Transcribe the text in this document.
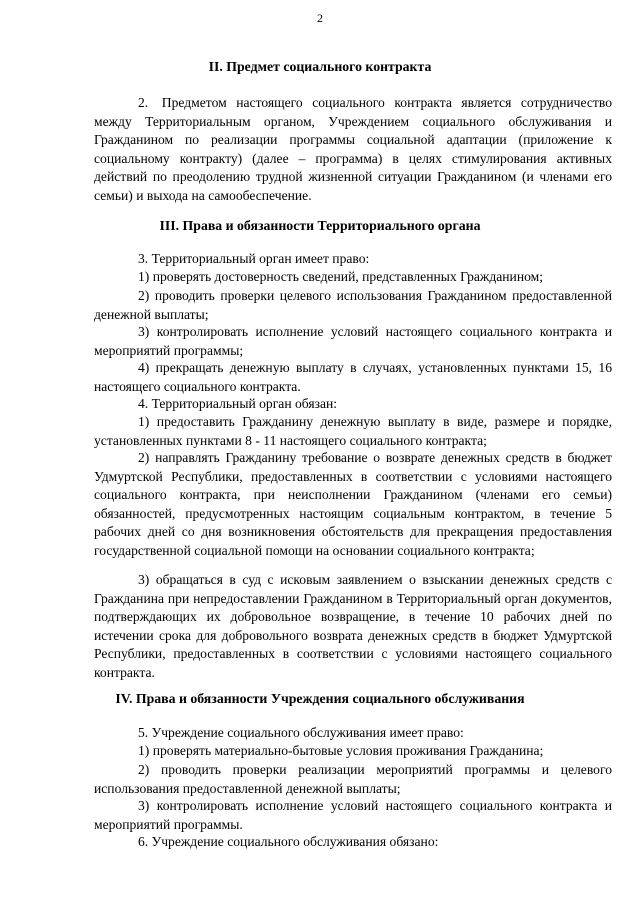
2
II. Предмет социального контракта
2. Предметом настоящего социального контракта является сотрудничество между Территориальным органом, Учреждением социального обслуживания и Гражданином по реализации программы социальной адаптации (приложение к социальному контракту) (далее – программа) в целях стимулирования активных действий по преодолению трудной жизненной ситуации Гражданином (и членами его семьи) и выхода на самообеспечение.
III. Права и обязанности Территориального органа
3. Территориальный орган имеет право:
1) проверять достоверность сведений, представленных Гражданином;
2) проводить проверки целевого использования Гражданином предоставленной денежной выплаты;
3) контролировать исполнение условий настоящего социального контракта и мероприятий программы;
4) прекращать денежную выплату в случаях, установленных пунктами 15, 16 настоящего социального контракта.
4. Территориальный орган обязан:
1) предоставить Гражданину денежную выплату в виде, размере и порядке, установленных пунктами 8 - 11 настоящего социального контракта;
2) направлять Гражданину требование о возврате денежных средств в бюджет Удмуртской Республики, предоставленных в соответствии с условиями настоящего социального контракта, при неисполнении Гражданином (членами его семьи) обязанностей, предусмотренных настоящим социальным контрактом, в течение 5 рабочих дней со дня возникновения обстоятельств для прекращения предоставления государственной социальной помощи на основании социального контракта;
3) обращаться в суд с исковым заявлением о взыскании денежных средств с Гражданина при непредоставлении Гражданином в Территориальный орган документов, подтверждающих их добровольное возвращение, в течение 10 рабочих дней по истечении срока для добровольного возврата денежных средств в бюджет Удмуртской Республики, предоставленных в соответствии с условиями настоящего социального контракта.
IV. Права и обязанности Учреждения социального обслуживания
5. Учреждение социального обслуживания имеет право:
1) проверять материально-бытовые условия проживания Гражданина;
2) проводить проверки реализации мероприятий программы и целевого использования предоставленной денежной выплаты;
3) контролировать исполнение условий настоящего социального контракта и мероприятий программы.
6. Учреждение социального обслуживания обязано:
